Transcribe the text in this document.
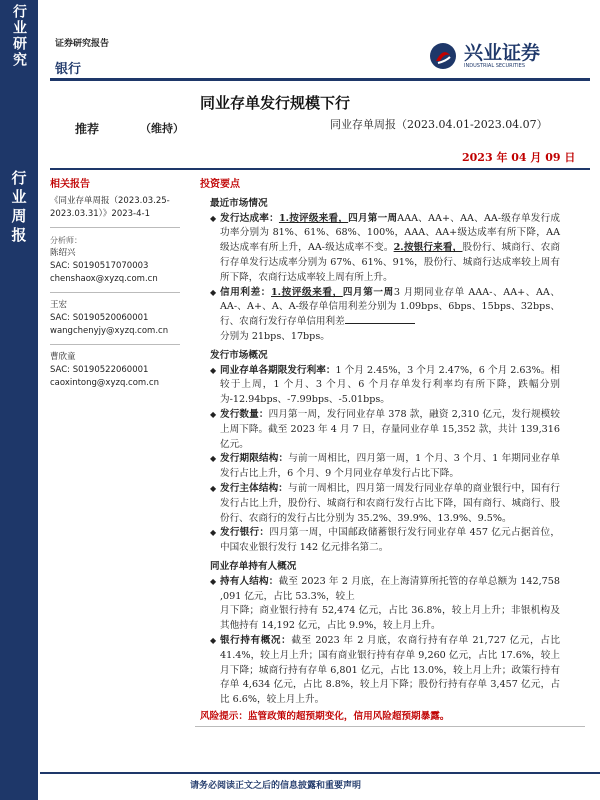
行业研究
行业周报
证券研究报告
银行
兴业证券
INDUSTRIAL SECURITIES
同业存单发行规模下行
同业存单周报（2023.04.01-2023.04.07）
推荐	（维持）
2023 年 04 月 09 日
相关报告
《同业存单周报（2023.03.25-2023.03.31）》2023-4-1
分析师：
陈绍兴
SAC: S0190517070003
chenshaox@xyzq.com.cn
王宏
SAC: S0190520060001
wangchenyjy@xyzq.com.cn
曹欣童
SAC: S0190522060001
caoxintong@xyzq.com.cn
投资要点
最近市场情况
◆ 发行达成率：1.按评级来看，四月第一周AAA、AA+、AA、AA-级存单发行成功率分别为 81%、61%、68%、100%，AAA、AA+级达成率有所下降，AA 级达成率有所上升，AA-级达成率不变。2.按银行来看，股份行、城商行、农商行存单发行达成率分别为 67%、61%、91%，股份行、城商行达成率较上周有所下降，农商行达成率较上周有所上升。
◆ 信用利差：1.按评级来看，四月第一周3 月期同业存单 AAA-、AA+、AA、AA-、A+、A、A-级存单信用利差分别为 1.09bps、6bps、15bps、32bps、行、农商行发行存单信用利差
分别为 21bps、17bps。
发行市场概况
◆ 同业存单各期限发行利率：1 个月 2.45%，3 个月 2.47%，6 个月 2.63%。相较于上周，1 个月、3 个月、6 个月存单发行利率均有所下降，跌幅分别为-12.94bps、-7.99bps、-5.01bps。
◆ 发行数量：四月第一周，发行同业存单 378 款，融资 2,310 亿元，发行规模较上周下降。截至 2023 年 4 月 7 日，存量同业存单 15,352 款，共计 139,316 亿元。
◆ 发行期限结构：与前一周相比，四月第一周，1 个月、3 个月、1 年期同业存单发行占比上升，6 个月、9 个月同业存单发行占比下降。
◆ 发行主体结构：与前一周相比，四月第一周发行同业存单的商业银行中，国有行发行占比上升，股份行、城商行和农商行发行占比下降，国有商行、城商行、股份行、农商行的发行占比分别为 35.2%、39.9%、13.9%、9.5%。
◆ 发行银行：四月第一周，中国邮政储蓄银行发行同业存单 457 亿元占据首位，中国农业银行发行 142 亿元排名第二。
同业存单持有人概况
◆ 持有人结构：截至 2023 年 2 月底，在上海清算所托管的存单总额为 142,758 ,091 亿元，占比 53.3%，较上
月下降；商业银行持有 52,474 亿元，占比 36.8%，较上月上升；非银机构及其他持有 14,192 亿元，占比 9.9%，较上月上升。
◆ 银行持有概况：截至 2023 年 2 月底，农商行持有存单 21,727 亿元，占比 41.4%，较上月上升；国有商业银行持有存单 9,260 亿元，占比 17.6%，较上月下降；城商行持有存单 6,801 亿元，占比 13.0%，较上月上升；政策行持有存单 4,634 亿元，占比 8.8%，较上月下降；股份行持有存单 3,457 亿元，占比 6.6%，较上月上升。
风险提示：监管政策的超预期变化，信用风险超预期暴露。
请务必阅读正文之后的信息披露和重要声明
